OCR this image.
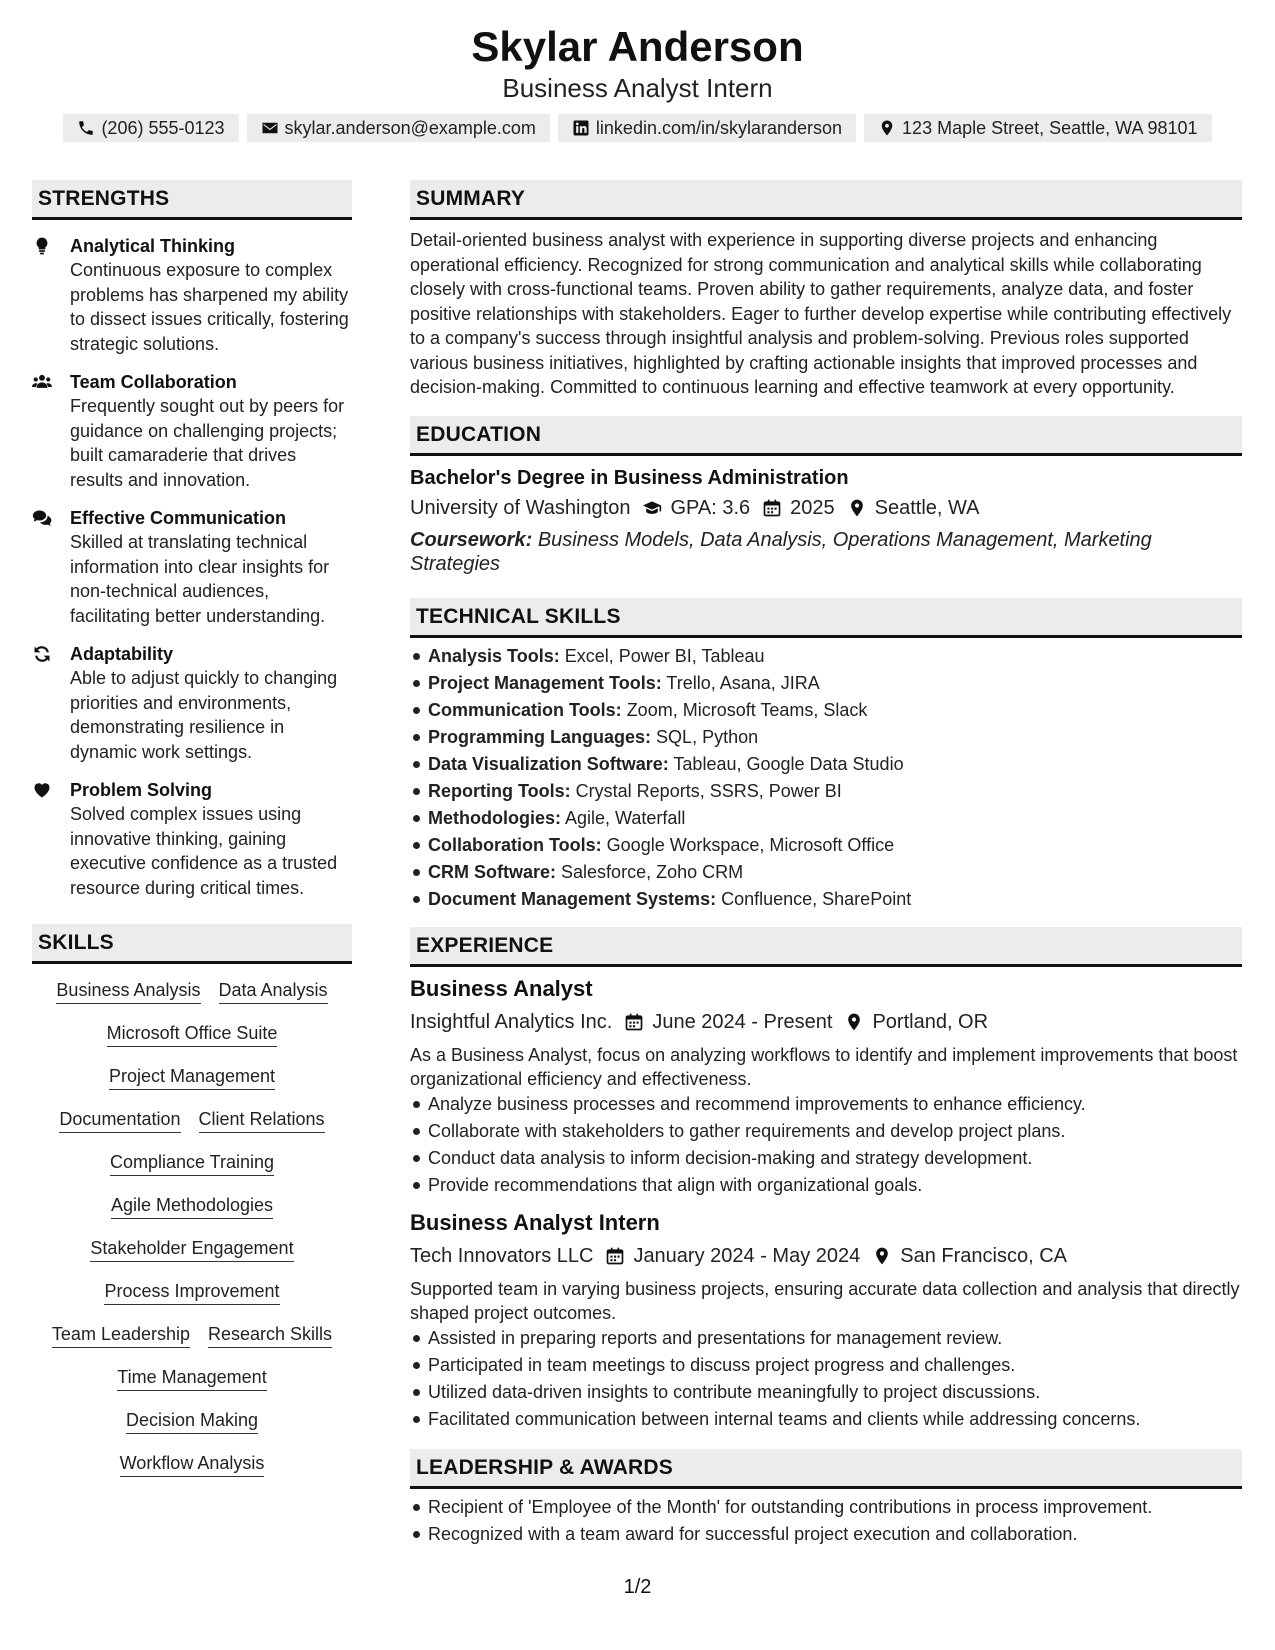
Skylar Anderson
Business Analyst Intern
(206) 555-0123	skylar.anderson@example.com	linkedin.com/in/skylaranderson	123 Maple Street, Seattle, WA 98101
STRENGTHS
Analytical Thinking
Continuous exposure to complex problems has sharpened my ability to dissect issues critically, fostering strategic solutions.
Team Collaboration
Frequently sought out by peers for guidance on challenging projects; built camaraderie that drives results and innovation.
Effective Communication
Skilled at translating technical information into clear insights for non-technical audiences, facilitating better understanding.
Adaptability
Able to adjust quickly to changing priorities and environments, demonstrating resilience in dynamic work settings.
Problem Solving
Solved complex issues using innovative thinking, gaining executive confidence as a trusted resource during critical times.
SKILLS
Business Analysis Data Analysis
Microsoft Office Suite
Project Management
Documentation Client Relations
Compliance Training
Agile Methodologies
Stakeholder Engagement
Process Improvement
Team Leadership Research Skills
Time Management
Decision Making
Workflow Analysis
SUMMARY

Detail-oriented business analyst with experience in supporting diverse projects and enhancing operational efficiency. Recognized for strong communication and analytical skills while collaborating closely with cross-functional teams. Proven ability to gather requirements, analyze data, and foster positive relationships with stakeholders. Eager to further develop expertise while contributing effectively to a company's success through insightful analysis and problem-solving. Previous roles supported various business initiatives, highlighted by crafting actionable insights that improved processes and decision-making. Committed to continuous learning and effective teamwork at every opportunity.

EDUCATION
Bachelor's Degree in Business Administration
University of Washington GPA: 3.6 2025 Seattle, WA
Coursework: Business Models, Data Analysis, Operations Management, Marketing Strategies
TECHNICAL SKILLS
Analysis Tools: Excel, Power BI, Tableau
Project Management Tools: Trello, Asana, JIRA
Communication Tools: Zoom, Microsoft Teams, Slack
Programming Languages: SQL, Python
Data Visualization Software: Tableau, Google Data Studio
Reporting Tools: Crystal Reports, SSRS, Power BI
Methodologies: Agile, Waterfall
Collaboration Tools: Google Workspace, Microsoft Office
CRM Software: Salesforce, Zoho CRM
Document Management Systems: Confluence, SharePoint
EXPERIENCE
Business Analyst
Insightful Analytics Inc. June 2024 - Present Portland, OR
As a Business Analyst, focus on analyzing workflows to identify and implement improvements that boost organizational efficiency and effectiveness.
Analyze business processes and recommend improvements to enhance efficiency.
Collaborate with stakeholders to gather requirements and develop project plans.
Conduct data analysis to inform decision-making and strategy development.
Provide recommendations that align with organizational goals.
Business Analyst Intern
Tech Innovators LLC January 2024 - May 2024 San Francisco, CA
Supported team in varying business projects, ensuring accurate data collection and analysis that directly shaped project outcomes.
Assisted in preparing reports and presentations for management review.
Participated in team meetings to discuss project progress and challenges.
Utilized data-driven insights to contribute meaningfully to project discussions.
Facilitated communication between internal teams and clients while addressing concerns.
LEADERSHIP & AWARDS
Recipient of 'Employee of the Month' for outstanding contributions in process improvement.
Recognized with a team award for successful project execution and collaboration.
1/2
